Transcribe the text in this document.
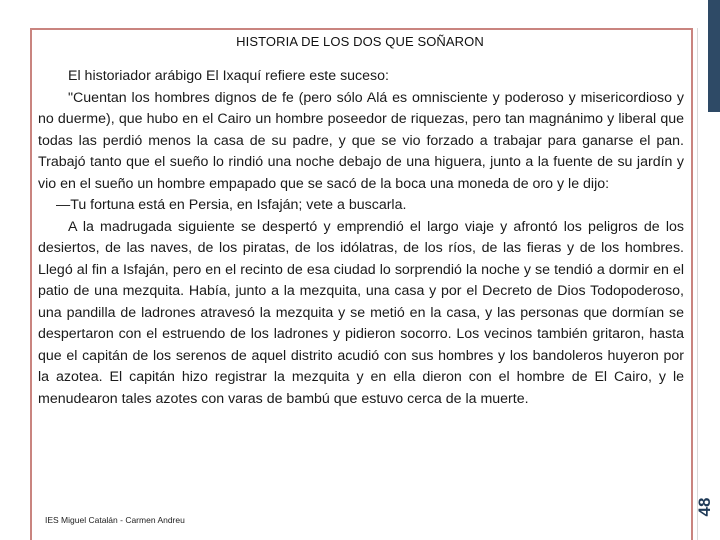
HISTORIA DE LOS DOS QUE SOÑARON

El historiador arábigo El Ixaquí refiere este suceso:

"Cuentan los hombres dignos de fe (pero sólo Alá es omnisciente y poderoso y misericordioso y no duerme), que hubo en el Cairo un hombre poseedor de riquezas, pero tan magnánimo y liberal que todas las perdió menos la casa de su padre, y que se vio forzado a trabajar para ganarse el pan. Trabajó tanto que el sueño lo rindió una noche debajo de una higuera, junto a la fuente de su jardín y vio en el sueño un hombre empapado que se sacó de la boca una moneda de oro y le dijo:

—Tu fortuna está en Persia, en Isfaján; vete a buscarla.

A la madrugada siguiente se despertó y emprendió el largo viaje y afrontó los peligros de los desiertos, de las naves, de los piratas, de los idólatras, de los ríos, de las fieras y de los hombres. Llegó al fin a Isfaján, pero en el recinto de esa ciudad lo sorprendió la noche y se tendió a dormir en el patio de una mezquita. Había, junto a la mezquita, una casa y por el Decreto de Dios Todopoderoso, una pandilla de ladrones atravesó la mezquita y se metió en la casa, y las personas que dormían se despertaron con el estruendo de los ladrones y pidieron socorro. Los vecinos también gritaron, hasta que el capitán de los serenos de aquel distrito acudió con sus hombres y los bandoleros huyeron por la azotea. El capitán hizo registrar la mezquita y en ella dieron con el hombre de El Cairo, y le menudearon tales azotes con varas de bambú que estuvo cerca de la muerte.

IES Miguel Catalán - Carmen Andreu
48
